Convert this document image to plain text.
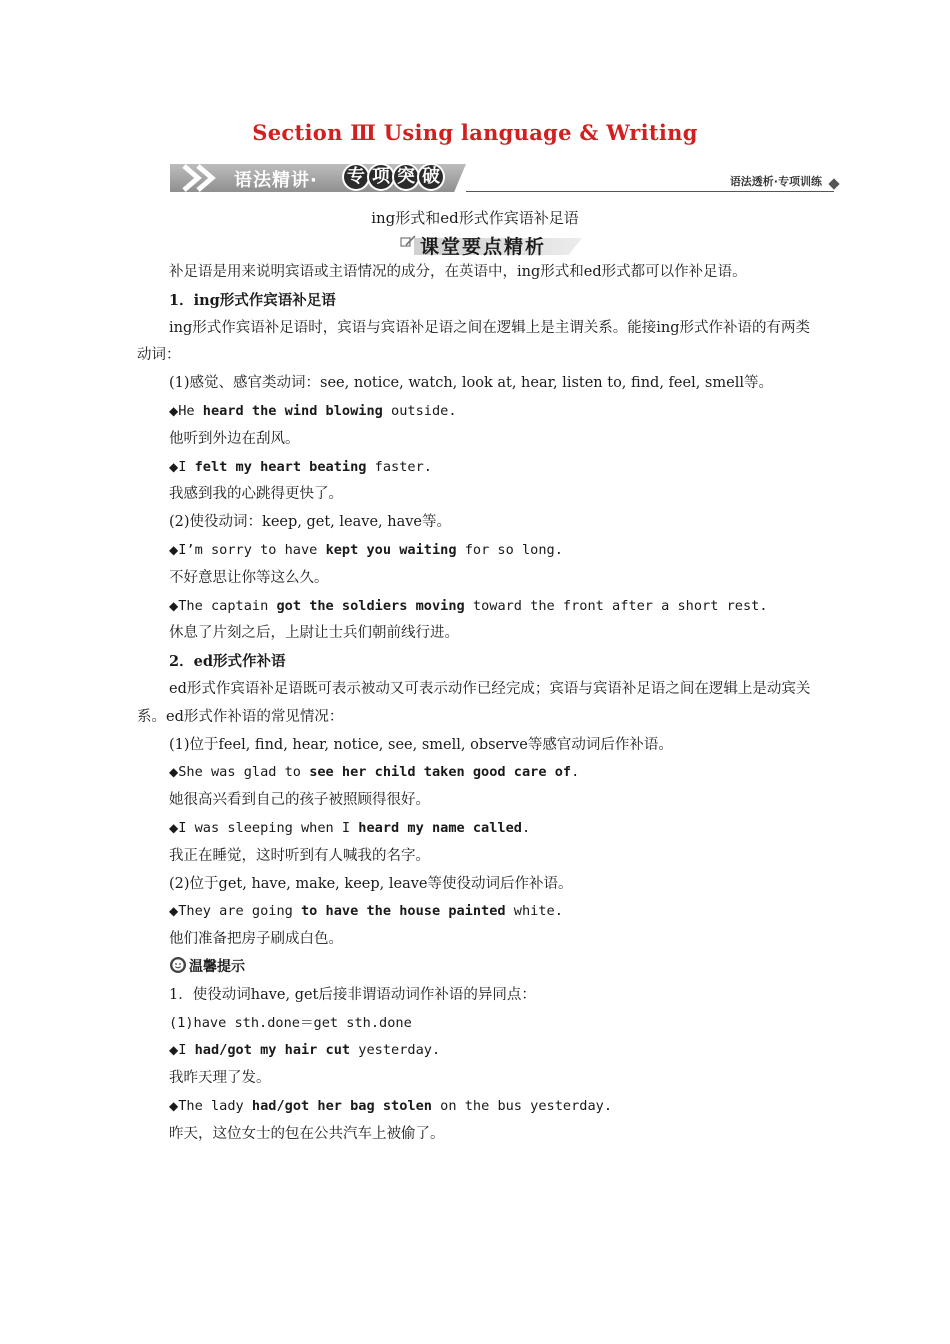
Section Ⅲ Using language & Writing
语法精讲· 专 项 突 破	语法透析·专项训练
ing形式和ed形式作宾语补足语
课堂要点精析

补足语是用来说明宾语或主语情况的成分，在英语中，ing形式和ed形式都可以作补足语。

1．ing形式作宾语补足语

ing形式作宾语补足语时，宾语与宾语补足语之间在逻辑上是主谓关系。能接ing形式作补语的有两类动词：

(1)感觉、感官类动词：see, notice, watch, look at, hear, listen to, find, feel, smell等。

◆He heard the wind blowing outside.

他听到外边在刮风。

◆I felt my heart beating faster.

我感到我的心跳得更快了。

(2)使役动词：keep, get, leave, have等。

◆I’m sorry to have kept you waiting for so long.

不好意思让你等这么久。

◆The captain got the soldiers moving toward the front after a short rest.

休息了片刻之后，上尉让士兵们朝前线行进。

2．ed形式作补语

ed形式作宾语补足语既可表示被动又可表示动作已经完成；宾语与宾语补足语之间在逻辑上是动宾关系。ed形式作补语的常见情况：

(1)位于feel, find, hear, notice, see, smell, observe等感官动词后作补语。

◆She was glad to see her child taken good care of.

她很高兴看到自己的孩子被照顾得很好。

◆I was sleeping when I heard my name called.

我正在睡觉，这时听到有人喊我的名字。

(2)位于get, have, make, keep, leave等使役动词后作补语。

◆They are going to have the house painted white.

他们准备把房子刷成白色。

温馨提示

1．使役动词have, get后接非谓语动词作补语的异同点：

(1)have sth.done＝get sth.done

◆I had/got my hair cut yesterday.

我昨天理了发。

◆The lady had/got her bag stolen on the bus yesterday.

昨天，这位女士的包在公共汽车上被偷了。
